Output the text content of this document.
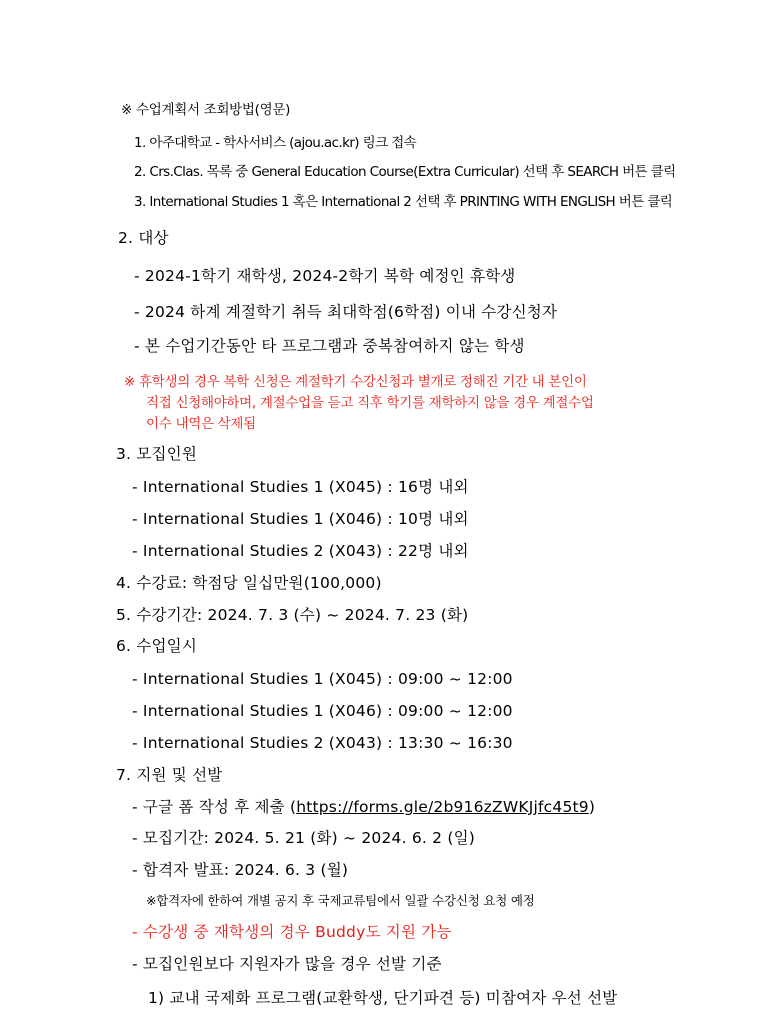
※ 수업계획서 조회방법(영문)
1. 아주대학교 - 학사서비스 (ajou.ac.kr) 링크 접속
2. Crs.Clas. 목록 중 General Education Course(Extra Curricular) 선택 후 SEARCH 버튼 클릭
3. International Studies 1 혹은 International 2 선택 후 PRINTING WITH ENGLISH 버튼 클릭
2. 대상
- 2024-1학기 재학생, 2024-2학기 복학 예정인 휴학생
- 2024 하계 계절학기 취득 최대학점(6학점) 이내 수강신청자
- 본 수업기간동안 타 프로그램과 중복참여하지 않는 학생
※ 휴학생의 경우 복학 신청은 계절학기 수강신청과 별개로 정해진 기간 내 본인이
직접 신청해야하며, 계절수업을 듣고 직후 학기를 재학하지 않을 경우 계절수업
이수 내역은 삭제됨
3. 모집인원
- International Studies 1 (X045) : 16명 내외
- International Studies 1 (X046) : 10명 내외
- International Studies 2 (X043) : 22명 내외
4. 수강료: 학점당 일십만원(100,000)
5. 수강기간: 2024. 7. 3 (수) ~ 2024. 7. 23 (화)
6. 수업일시
- International Studies 1 (X045) : 09:00 ~ 12:00
- International Studies 1 (X046) : 09:00 ~ 12:00
- International Studies 2 (X043) : 13:30 ~ 16:30
7. 지원 및 선발
- 구글 폼 작성 후 제출 (https://forms.gle/2b916zZWKJjfc45t9)
- 모집기간: 2024. 5. 21 (화) ~ 2024. 6. 2 (일)
- 합격자 발표: 2024. 6. 3 (월)
※합격자에 한하여 개별 공지 후 국제교류팀에서 일괄 수강신청 요청 예정
- 수강생 중 재학생의 경우 Buddy도 지원 가능
- 모집인원보다 지원자가 많을 경우 선발 기준
1) 교내 국제화 프로그램(교환학생, 단기파견 등) 미참여자 우선 선발
